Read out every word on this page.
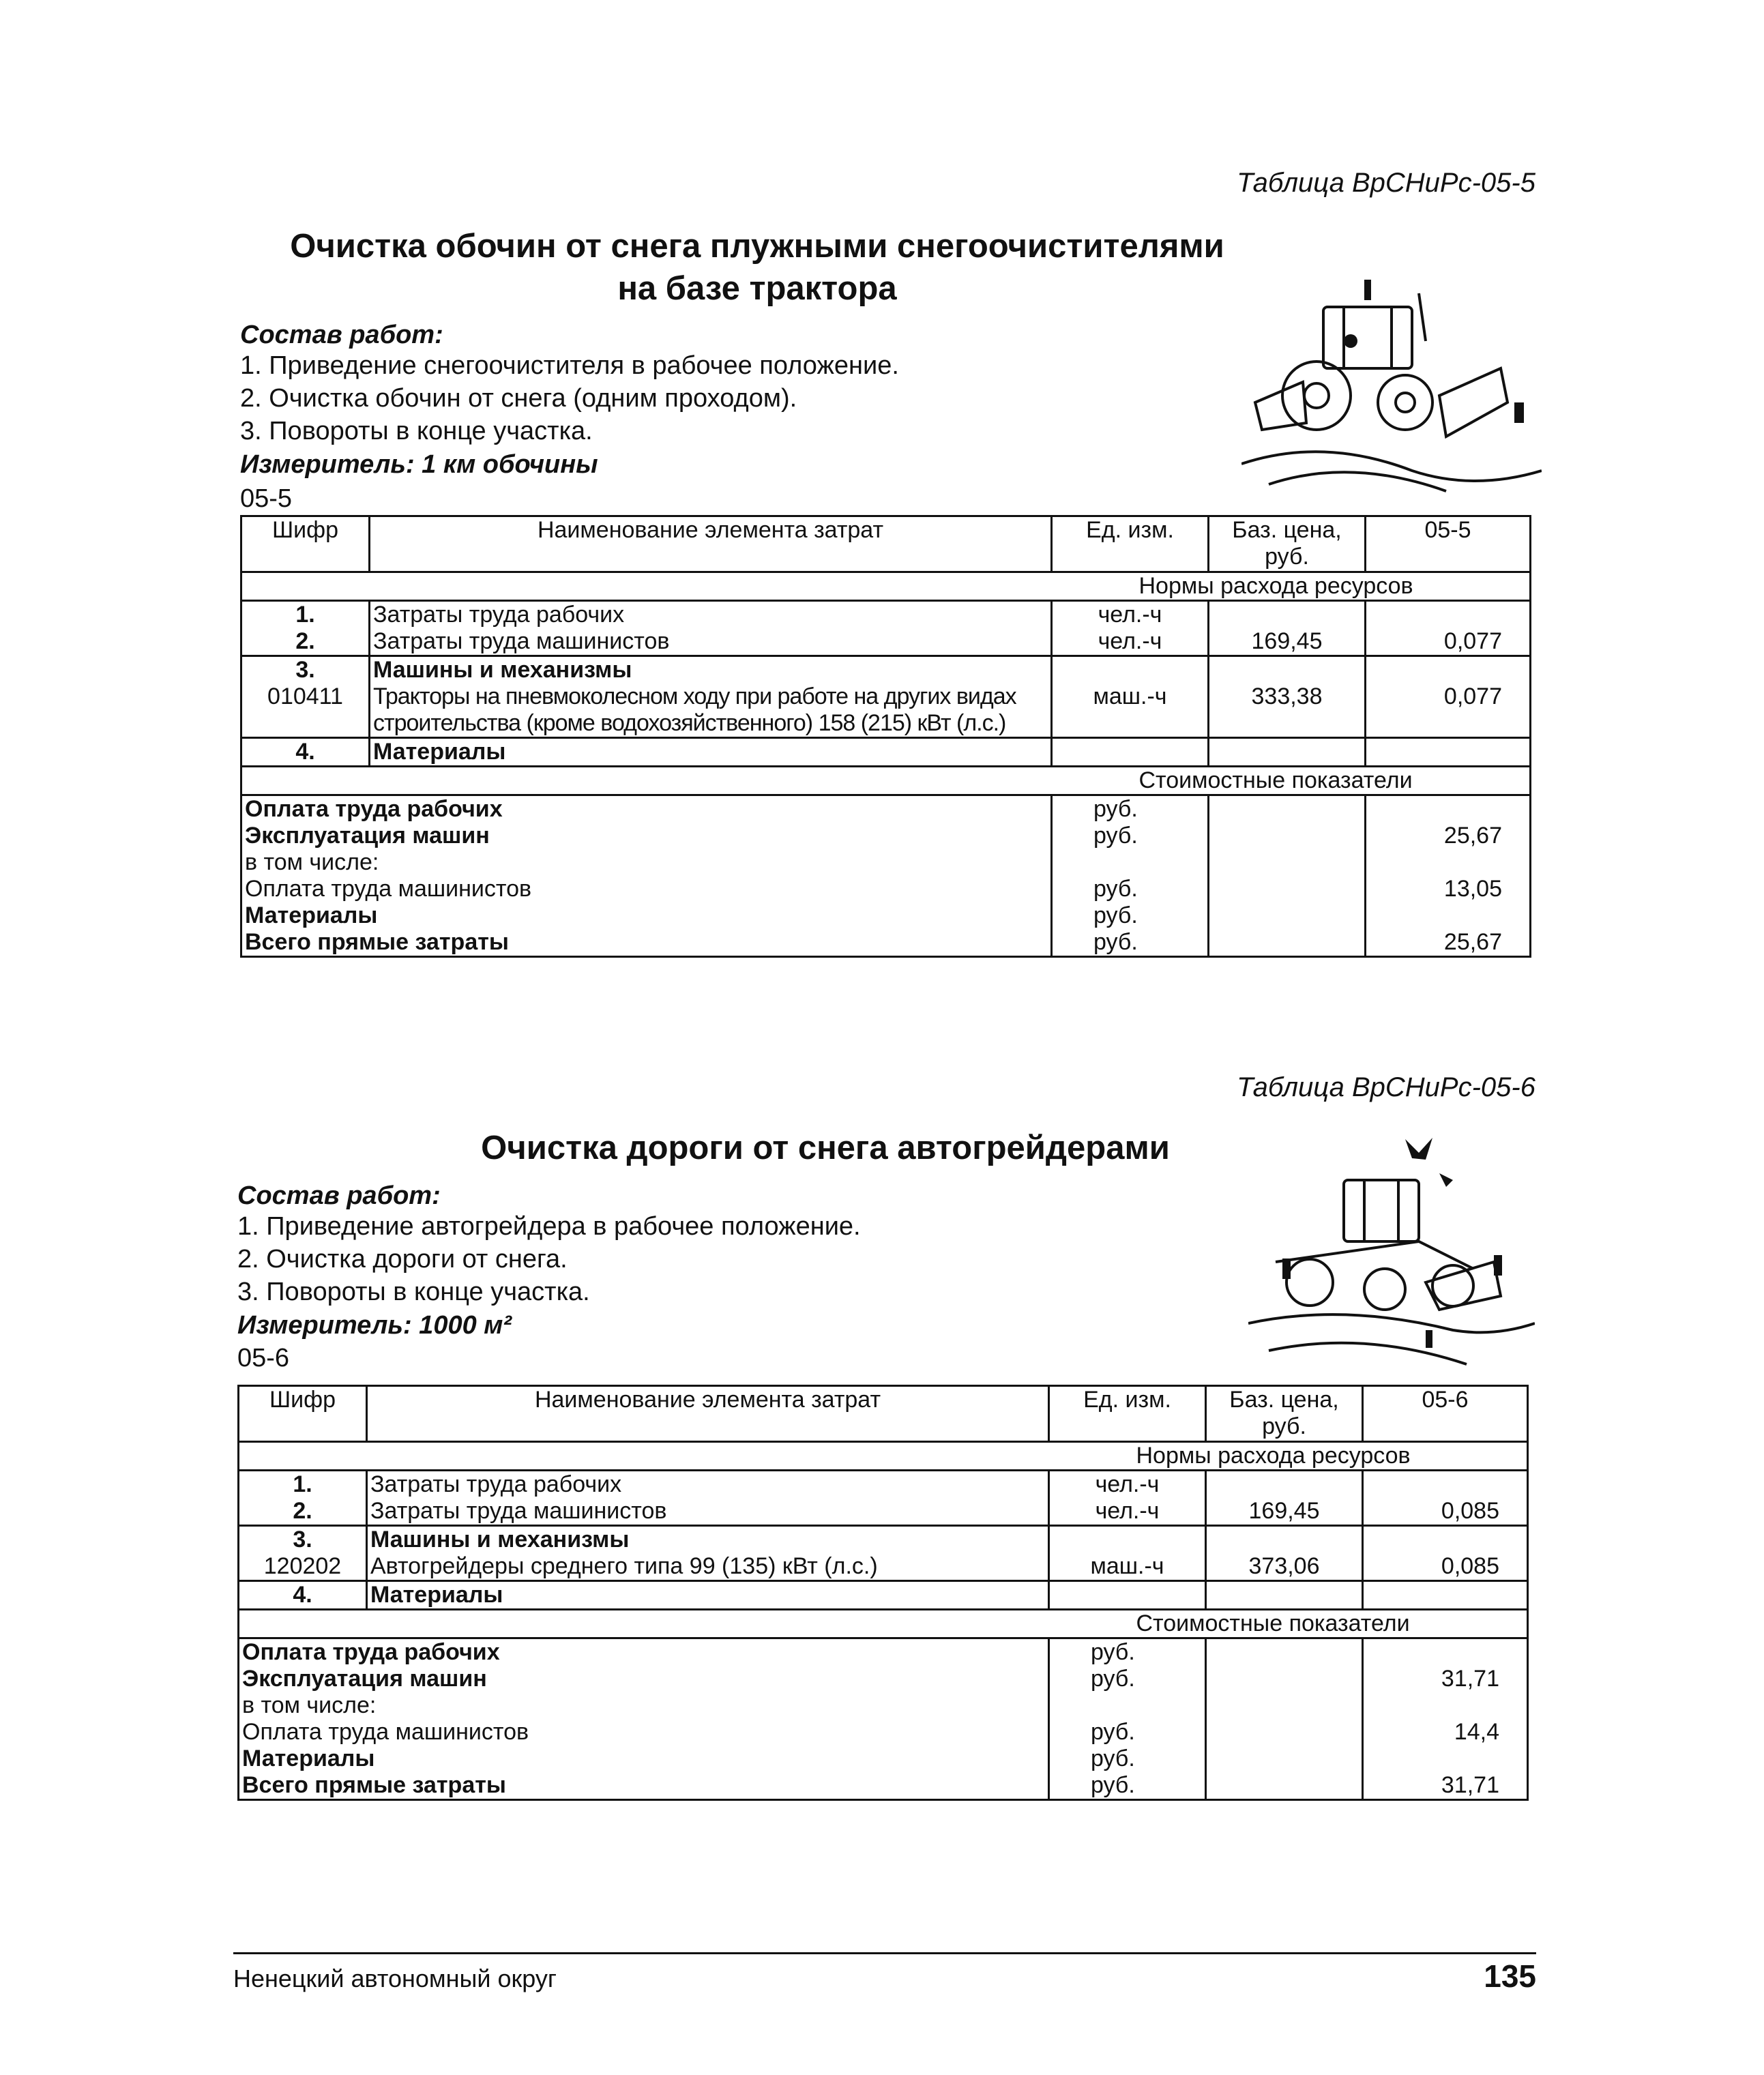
Таблица ВрСНиРс-05-5
Очистка обочин от снега плужными снегоочистителями
на базе трактора
Состав работ:
1. Приведение снегоочистителя в рабочее положение.
2. Очистка обочин от снега (одним проходом).
3. Повороты в конце участка.
Измеритель: 1 км обочины
05-5
Шифр	Наименование элемента затрат	Ед. изм.	Баз. цена, руб.	05-5
		Нормы расхода ресурсов		
1.	Затраты труда рабочих	чел.-ч		
2.	Затраты труда машинистов	чел.-ч	169,45	0,077
3.	Машины и механизмы			
010411	Тракторы на пневмоколесном ходу при работе на других видах строительства (кроме водохозяйственного) 158 (215) кВт (л.с.)	маш.-ч	333,38	0,077
4.	Материалы			
		Стоимостные показатели		
Оплата труда рабочих		руб.		
Эксплуатация машин		руб.		25,67
в том числе:				
Оплата труда машинистов		руб.		13,05
Материалы		руб.		
Всего прямые затраты		руб.		25,67
Таблица ВрСНиРс-05-6
Очистка дороги от снега автогрейдерами
Состав работ:
1. Приведение автогрейдера в рабочее положение.
2. Очистка дороги от снега.
3. Повороты в конце участка.
Измеритель: 1000 м²
05-6
Шифр	Наименование элемента затрат	Ед. изм.	Баз. цена, руб.	05-6
		Нормы расхода ресурсов		
1.	Затраты труда рабочих	чел.-ч		
2.	Затраты труда машинистов	чел.-ч	169,45	0,085
3.	Машины и механизмы			
120202	Автогрейдеры среднего типа 99 (135) кВт (л.с.)	маш.-ч	373,06	0,085
4.	Материалы			
		Стоимостные показатели		
Оплата труда рабочих		руб.		
Эксплуатация машин		руб.		31,71
в том числе:				
Оплата труда машинистов		руб.		14,4
Материалы		руб.		
Всего прямые затраты		руб.		31,71
Ненецкий автономный округ	135
